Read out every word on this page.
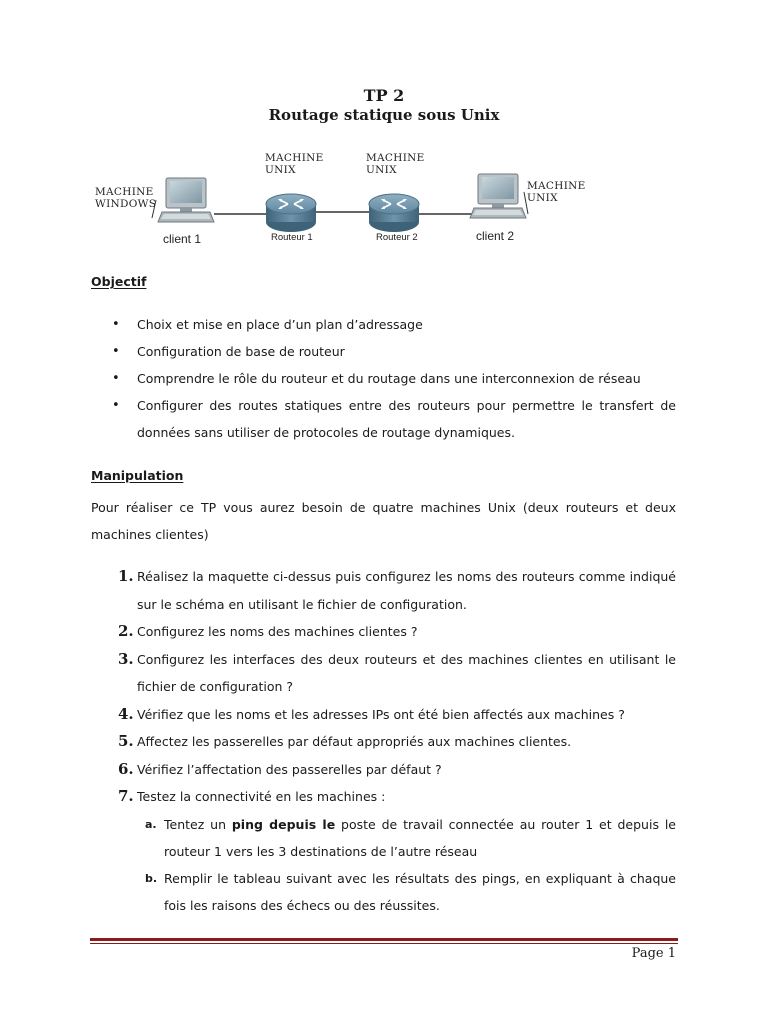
TP 2
Routage statique sous Unix
MACHINE
WINDOWS
MACHINE
UNIX
MACHINE
UNIX
MACHINE
UNIX
client 1	Routeur 1	Routeur 2	client 2
Objectif
• Choix et mise en place d’un plan d’adressage
• Configuration de base de routeur
• Comprendre le rôle du routeur et du routage dans une interconnexion de réseau
• Configurer des routes statiques entre des routeurs pour permettre le transfert de données sans utiliser de protocoles de routage dynamiques.
Manipulation

Pour réaliser ce TP vous aurez besoin de quatre machines Unix (deux routeurs et deux machines clientes)

1. Réalisez la maquette ci-dessus puis configurez les noms des routeurs comme indiqué sur le schéma en utilisant le fichier de configuration.
2. Configurez les noms des machines clientes ?
3. Configurez les interfaces des deux routeurs et des machines clientes en utilisant le fichier de configuration ?
4. Vérifiez que les noms et les adresses IPs ont été bien affectés aux machines ?
5. Affectez les passerelles par défaut appropriés aux machines clientes.
6. Vérifiez l’affectation des passerelles par défaut ?
7. Testez la connectivité en les machines :
a. Tentez un ping depuis le poste de travail connectée au router 1 et depuis le routeur 1 vers les 3 destinations de l’autre réseau
b. Remplir le tableau suivant avec les résultats des pings, en expliquant à chaque fois les raisons des échecs ou des réussites.
Page 1
